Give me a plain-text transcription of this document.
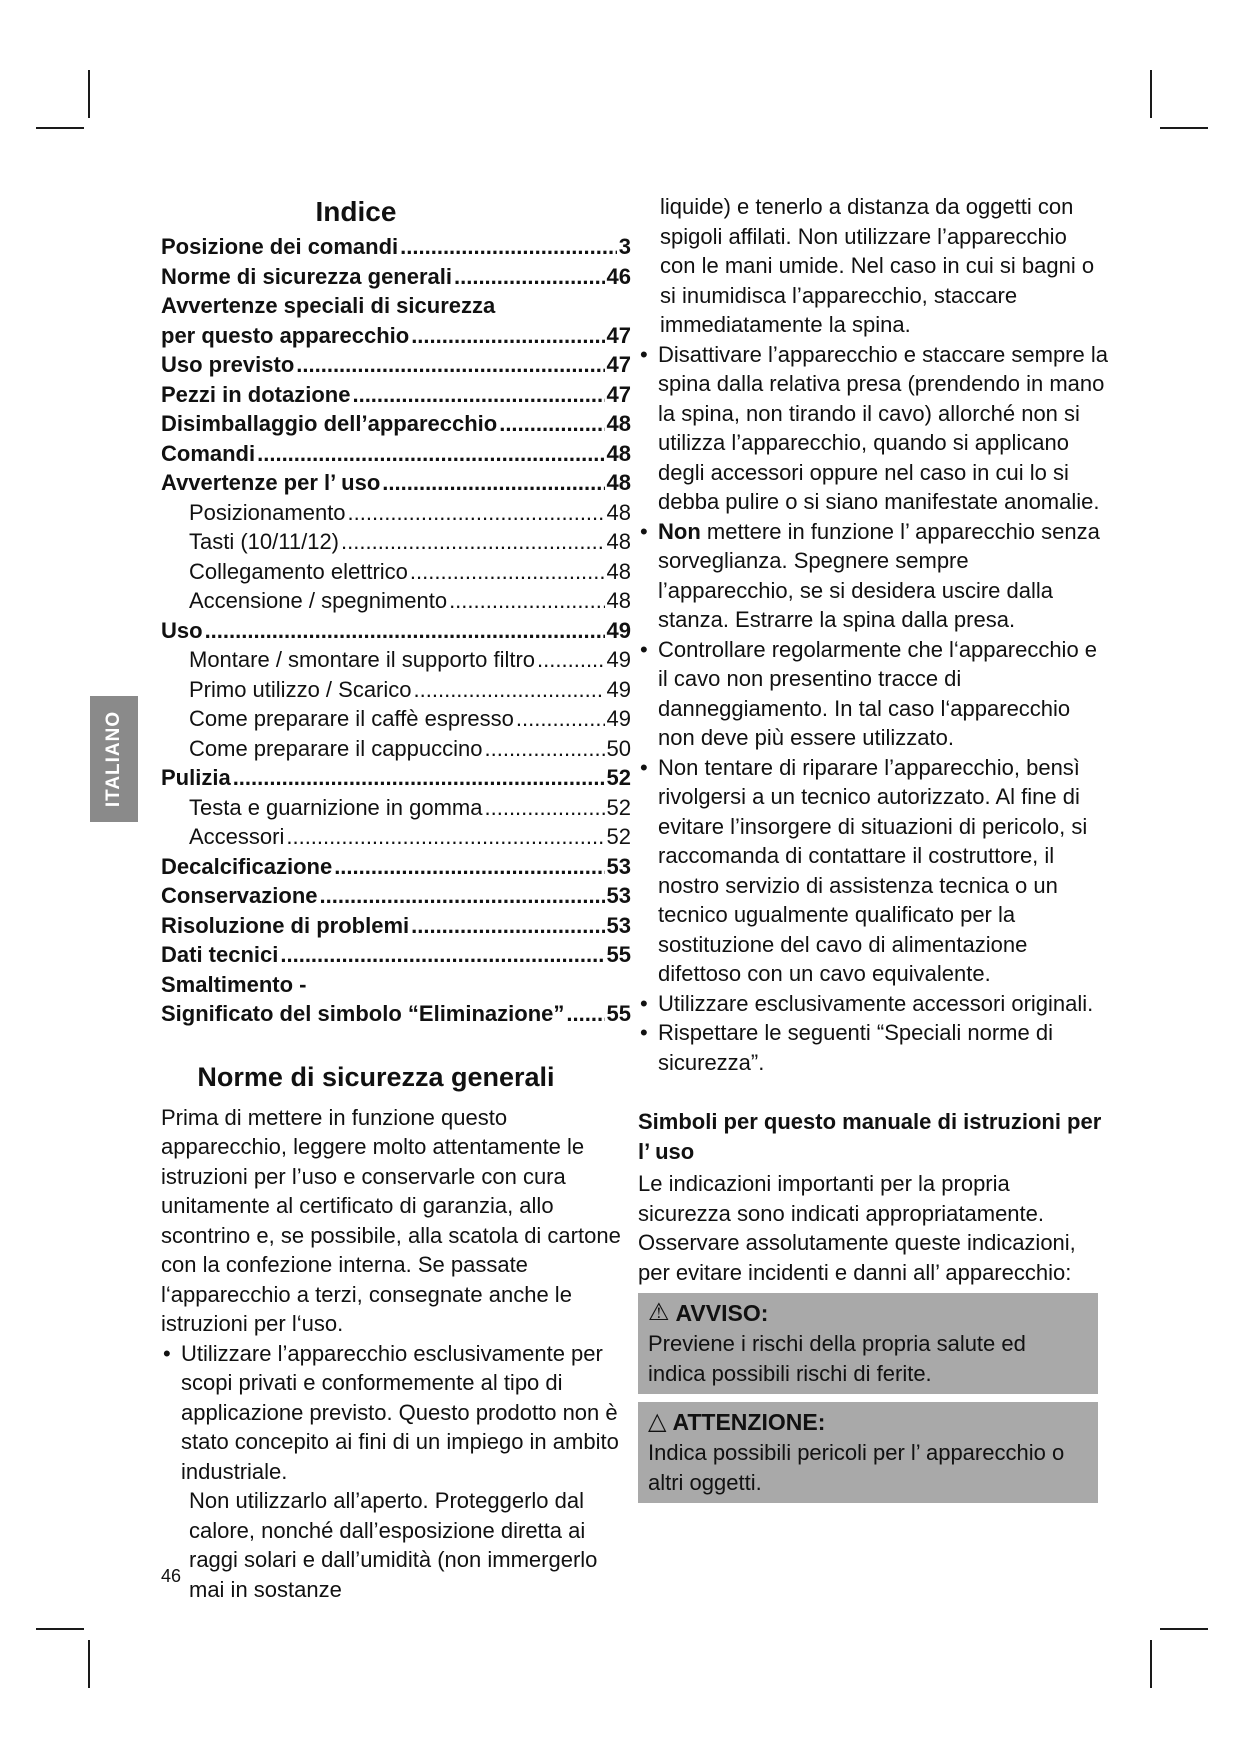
ITALIANO
Indice
Posizione dei comandi .....	3
Norme di sicurezza generali .....	46
Avvertenze speciali di sicurezza
per questo apparecchio .....	47
Uso previsto .....	47
Pezzi in dotazione .....	47
Disimballaggio dell’apparecchio .....	48
Comandi .....	48
Avvertenze per l’ uso .....	48
Posizionamento .....	48
Tasti (10/11/12) .....	48
Collegamento elettrico .....	48
Accensione / spegnimento .....	48
Uso .....	49
Montare / smontare il supporto filtro .....	49
Primo utilizzo / Scarico .....	49
Come preparare il caffè espresso .....	49
Come preparare il cappuccino .....	50
Pulizia .....	52
Testa e guarnizione in gomma .....	52
Accessori .....	52
Decalcificazione .....	53
Conservazione .....	53
Risoluzione di problemi .....	53
Dati tecnici .....	55
Smaltimento -
Significato del simbolo “Eliminazione” ..... 55
Norme di sicurezza generali

Prima di mettere in funzione questo apparecchio, leggere molto attentamente le istruzioni per l’uso e conservarle con cura unitamente al certificato di garanzia, allo scontrino e, se possibile, alla scatola di cartone con la confezione interna. Se passate l‘apparecchio a terzi, consegnate anche le istruzioni per l‘uso.

• Utilizzare l’apparecchio esclusivamente per scopi privati e conformemente al tipo di applicazione previsto. Questo prodotto non è stato concepito ai fini di un impiego in ambito industriale.

Non utilizzarlo all’aperto. Proteggerlo dal calore, nonché dall’esposizione diretta ai raggi solari e dall’umidità (non immergerlo mai in sostanze

liquide) e tenerlo a distanza da oggetti con spigoli affilati. Non utilizzare l’apparecchio con le mani umide. Nel caso in cui si bagni o si inumidisca l’apparecchio, staccare immediatamente la spina.

• Disattivare l’apparecchio e staccare sempre la spina dalla relativa presa (prendendo in mano la spina, non tirando il cavo) allorché non si utilizza l’apparecchio, quando si applicano degli accessori oppure nel caso in cui lo si debba pulire o si siano manifestate anomalie.
• Non mettere in funzione l’ apparecchio senza sorveglianza. Spegnere sempre l’apparecchio, se si desidera uscire dalla stanza. Estrarre la spina dalla presa.
• Controllare regolarmente che l‘apparecchio e il cavo non presentino tracce di danneggiamento. In tal caso l‘apparecchio non deve più essere utilizzato.
• Non tentare di riparare l’apparecchio, bensì rivolgersi a un tecnico autorizzato. Al fine di evitare l’insorgere di situazioni di pericolo, si raccomanda di contattare il costruttore, il nostro servizio di assistenza tecnica o un tecnico ugualmente qualificato per la sostituzione del cavo di alimentazione difettoso con un cavo equivalente.
• Utilizzare esclusivamente accessori originali.
• Rispettare le seguenti “Speciali norme di sicurezza”.
Simboli per questo manuale di istruzioni per l’ uso

Le indicazioni importanti per la propria sicurezza sono indicati appropriatamente. Osservare assolutamente queste indicazioni, per evitare incidenti e danni all’ apparecchio:

⚠ AVVISO:
Previene i rischi della propria salute ed indica possibili rischi di ferite.
△ ATTENZIONE:
Indica possibili pericoli per l’ apparecchio o altri oggetti.
46
